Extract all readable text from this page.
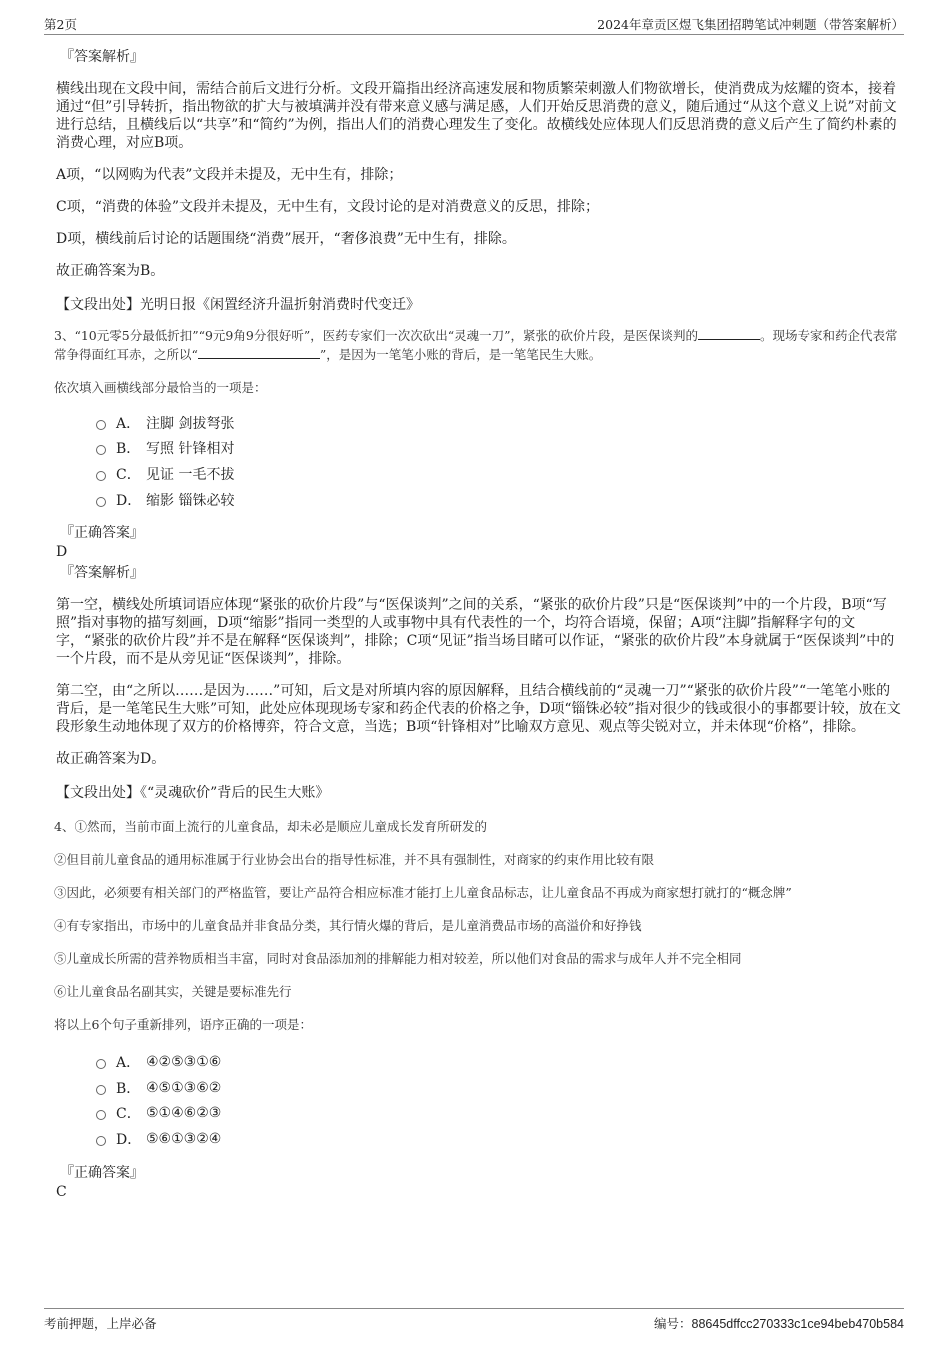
第2页	2024年章贡区煜飞集团招聘笔试冲刺题（带答案解析）
『答案解析』
横线出现在文段中间，需结合前后文进行分析。文段开篇指出经济高速发展和物质繁荣刺激人们物欲增长，使消费成为炫耀的资本，接着通过“但”引导转折，指出物欲的扩大与被填满并没有带来意义感与满足感，人们开始反思消费的意义，随后通过“从这个意义上说”对前文进行总结，且横线后以“共享”和“简约”为例，指出人们的消费心理发生了变化。故横线处应体现人们反思消费的意义后产生了简约朴素的消费心理，对应B项。
A项，“以网购为代表”文段并未提及，无中生有，排除；
C项，“消费的体验”文段并未提及，无中生有，文段讨论的是对消费意义的反思，排除；
D项，横线前后讨论的话题围绕“消费”展开，“奢侈浪费”无中生有，排除。
故正确答案为B。
【文段出处】光明日报《闲置经济升温折射消费时代变迁》
3、“10元零5分最低折扣”“9元9角9分很好听”，医药专家们一次次砍出“灵魂一刀”，紧张的砍价片段，是医保谈判的	。现场专家和药企代表常常争得面红耳赤，之所以“	”，是因为一笔笔小账的背后，是一笔笔民生大账。
依次填入画横线部分最恰当的一项是：
A． 注脚 剑拔弩张
B． 写照 针锋相对
C． 见证 一毛不拔
D． 缩影 锱铢必较
『正确答案』
D
『答案解析』
第一空，横线处所填词语应体现“紧张的砍价片段”与“医保谈判”之间的关系，“紧张的砍价片段”只是“医保谈判”中的一个片段，B项“写照”指对事物的描写刻画，D项“缩影”指同一类型的人或事物中具有代表性的一个，均符合语境，保留；A项“注脚”指解释字句的文字，“紧张的砍价片段”并不是在解释“医保谈判”，排除；C项“见证”指当场目睹可以作证，“紧张的砍价片段”本身就属于“医保谈判”中的一个片段，而不是从旁见证“医保谈判”，排除。
第二空，由“之所以……是因为……”可知，后文是对所填内容的原因解释，且结合横线前的“灵魂一刀”“紧张的砍价片段”“一笔笔小账的背后，是一笔笔民生大账”可知，此处应体现现场专家和药企代表的价格之争，D项“锱铢必较”指对很少的钱或很小的事都要计较，放在文段形象生动地体现了双方的价格博弈，符合文意，当选；B项“针锋相对”比喻双方意见、观点等尖锐对立，并未体现“价格”，排除。
故正确答案为D。
【文段出处】《“灵魂砍价”背后的民生大账》
4、①然而，当前市面上流行的儿童食品，却未必是顺应儿童成长发育所研发的
②但目前儿童食品的通用标准属于行业协会出台的指导性标准，并不具有强制性，对商家的约束作用比较有限
③因此，必须要有相关部门的严格监管，要让产品符合相应标准才能打上儿童食品标志，让儿童食品不再成为商家想打就打的“概念牌”
④有专家指出，市场中的儿童食品并非食品分类，其行情火爆的背后，是儿童消费品市场的高溢价和好挣钱
⑤儿童成长所需的营养物质相当丰富，同时对食品添加剂的排解能力相对较差，所以他们对食品的需求与成年人并不完全相同
⑥让儿童食品名副其实，关键是要标准先行
将以上6个句子重新排列，语序正确的一项是：
A． ④②⑤③①⑥
B． ④⑤①③⑥②
C． ⑤①④⑥②③
D． ⑤⑥①③②④
『正确答案』
C
考前押题，上岸必备	编号：88645dffcc270333c1ce94beb470b584
